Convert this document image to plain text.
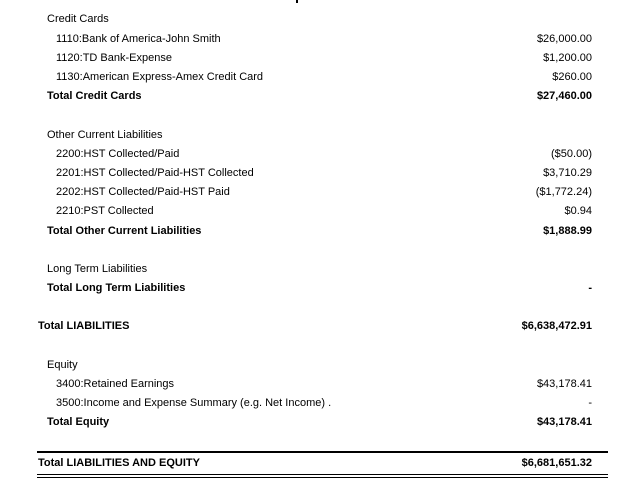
Credit Cards
1110:Bank of America-John Smith	$26,000.00
1120:TD Bank-Expense	$1,200.00
1130:American Express-Amex Credit Card	$260.00
Total Credit Cards	$27,460.00
Other Current Liabilities
2200:HST Collected/Paid	($50.00)
2201:HST Collected/Paid-HST Collected	$3,710.29
2202:HST Collected/Paid-HST Paid	($1,772.24)
2210:PST Collected	$0.94
Total Other Current Liabilities	$1,888.99
Long Term Liabilities
Total Long Term Liabilities	-
Total LIABILITIES	$6,638,472.91
Equity
3400:Retained Earnings	$43,178.41
3500:Income and Expense Summary (e.g. Net Income) .	-
Total Equity	$43,178.41
Total LIABILITIES AND EQUITY	$6,681,651.32
